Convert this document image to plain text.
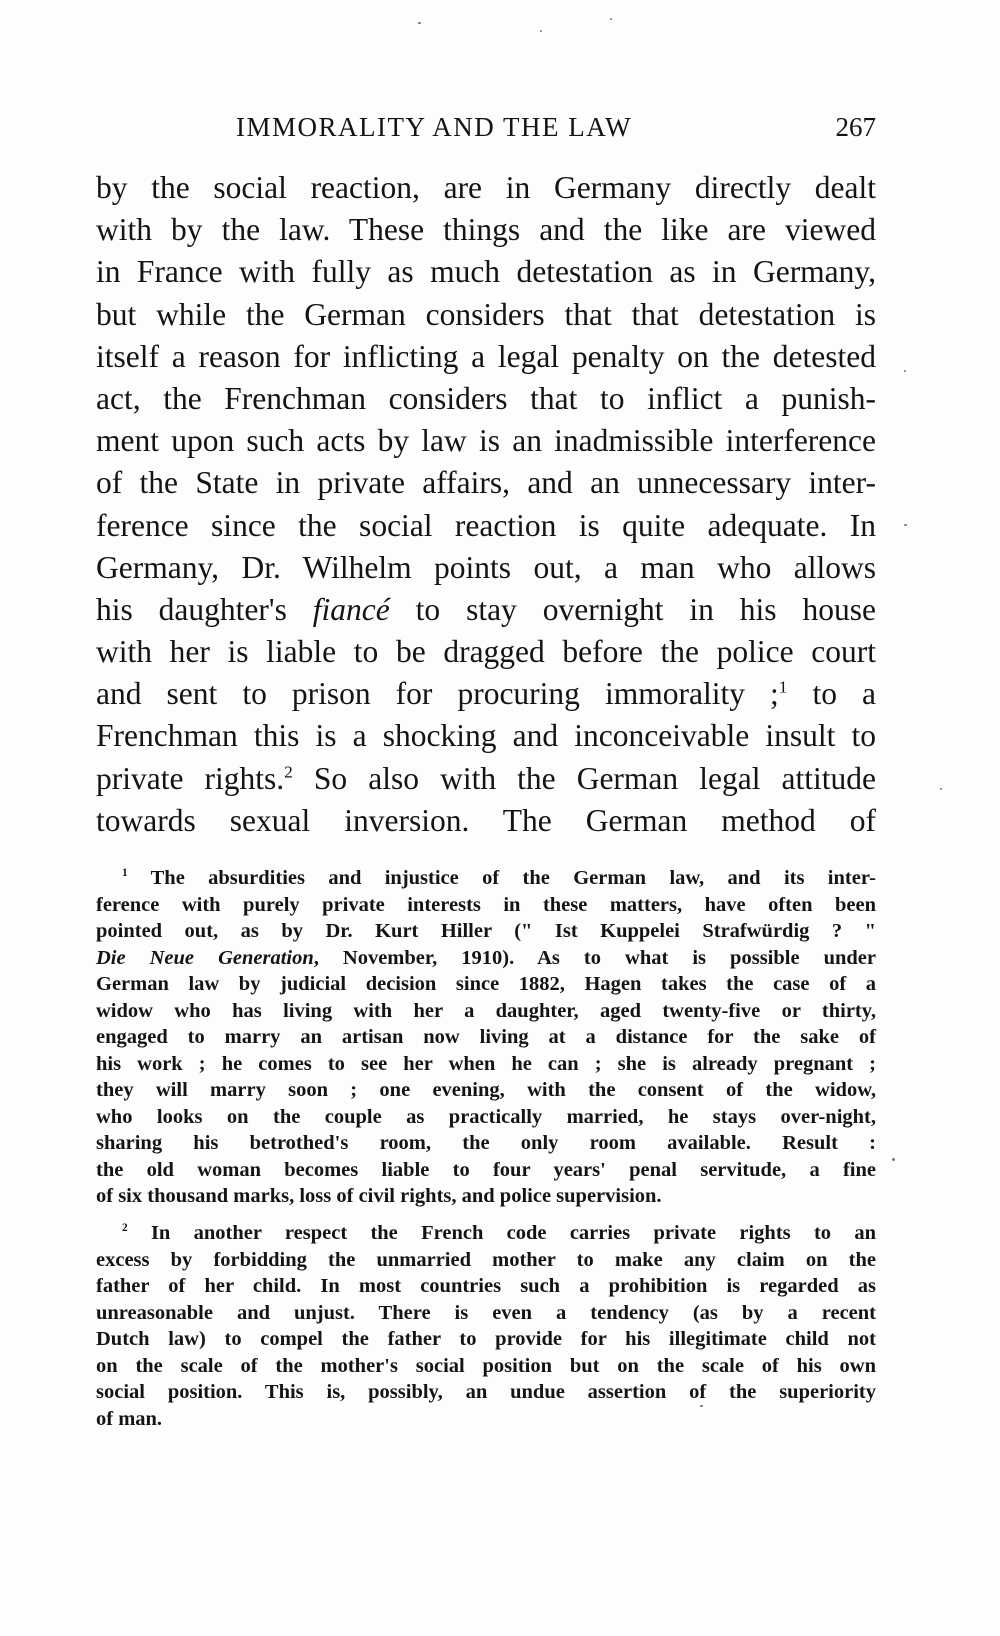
IMMORALITY AND THE LAW	267
by the social reaction, are in Germany directly dealt
with by the law. These things and the like are viewed
in France with fully as much detestation as in Germany,
but while the German considers that that detestation is
itself a reason for inflicting a legal penalty on the detested
act, the Frenchman considers that to inflict a punish-
ment upon such acts by law is an inadmissible interference
of the State in private affairs, and an unnecessary inter-
ference since the social reaction is quite adequate. In
Germany, Dr. Wilhelm points out, a man who allows
his daughter's fiancé to stay overnight in his house
with her is liable to be dragged before the police court
and sent to prison for procuring immorality ;$^1$ to a
Frenchman this is a shocking and inconceivable insult to
private rights.$^2$ So also with the German legal attitude
towards sexual inversion. The German method of
$^1$ The absurdities and injustice of the German law, and its inter-
ference with purely private interests in these matters, have often been
pointed out, as by Dr. Kurt Hiller (" Ist Kuppelei Strafwürdig ? "
Die Neue Generation, November, 1910). As to what is possible under
German law by judicial decision since 1882, Hagen takes the case of a
widow who has living with her a daughter, aged twenty-five or thirty,
engaged to marry an artisan now living at a distance for the sake of
his work ; he comes to see her when he can ; she is already pregnant ;
they will marry soon ; one evening, with the consent of the widow,
who looks on the couple as practically married, he stays over-night,
sharing his betrothed's room, the only room available. Result :
the old woman becomes liable to four years' penal servitude, a fine
of six thousand marks, loss of civil rights, and police supervision.
$^2$ In another respect the French code carries private rights to an
excess by forbidding the unmarried mother to make any claim on the
father of her child. In most countries such a prohibition is regarded as
unreasonable and unjust. There is even a tendency (as by a recent
Dutch law) to compel the father to provide for his illegitimate child not
on the scale of the mother's social position but on the scale of his own
social position. This is, possibly, an undue assertion of the superiority
of man.
